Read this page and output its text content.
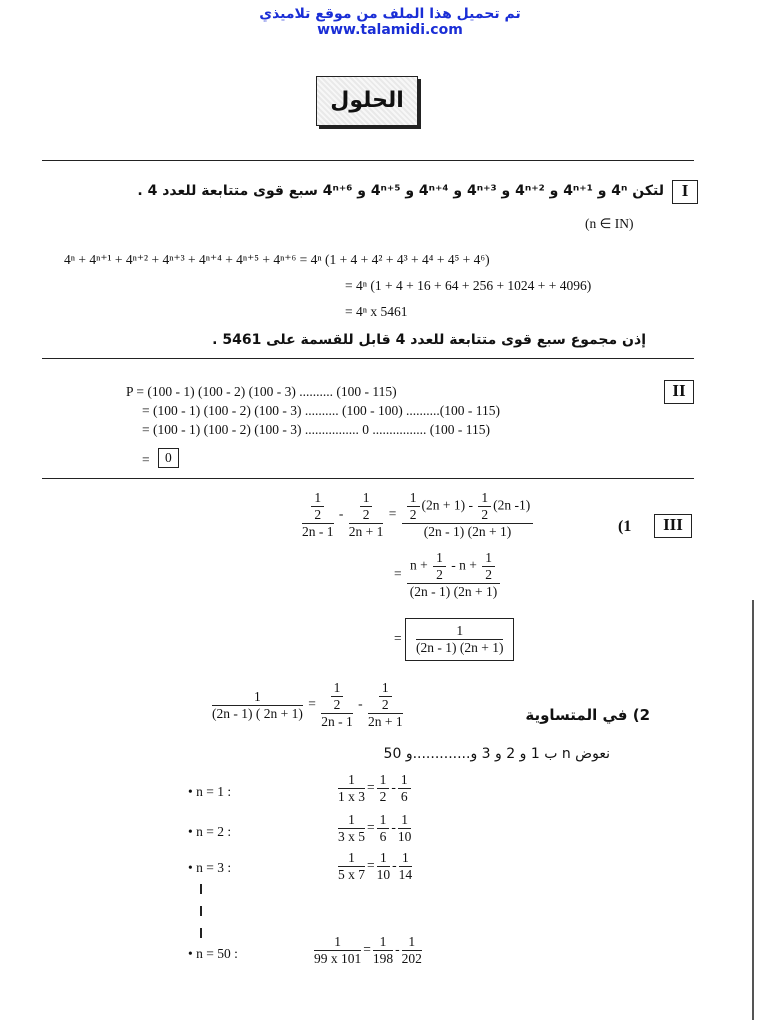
تم تحميل هذا الملف من موقع تلاميذي www.talamidi.com
الحلول
I
لتكن 4ⁿ و 4ⁿ⁺¹ و 4ⁿ⁺² و 4ⁿ⁺³ و 4ⁿ⁺⁴ و 4ⁿ⁺⁵ و 4ⁿ⁺⁶ سبع قوى متتابعة للعدد 4 .
(n ∈ IN)
4ⁿ + 4ⁿ⁺¹ + 4ⁿ⁺² + 4ⁿ⁺³ + 4ⁿ⁺⁴ + 4ⁿ⁺⁵ + 4ⁿ⁺⁶ = 4ⁿ (1 + 4 + 4² + 4³ + 4⁴ + 4⁵ + 4⁶)
= 4ⁿ (1 + 4 + 16 + 64 + 256 + 1024 + + 4096)
= 4ⁿ x 5461
إذن مجموع سبع قوى متتابعة للعدد 4 قابل للقسمة على 5461 .
II
P = (100 - 1) (100 - 2) (100 - 3) .......... (100 - 115)
= (100 - 1) (100 - 2) (100 - 3) .......... (100 - 100) ..........(100 - 115)
= (100 - 1) (100 - 2) (100 - 3) ................ 0 ................ (100 - 115)
=	0
III
(1
$\frac{\frac{1}{2}}{2n - 1} - \frac{\frac{1}{2}}{2n + 1} = \frac{\frac{1}{2} (2n + 1) - \frac{1}{2} (2n -1)}{(2n - 1) (2n + 1)}$
= $\frac{n + \frac{1}{2} - n + \frac{1}{2}}{(2n - 1) (2n + 1)}$
= $\frac{1}{(2n - 1) (2n + 1)}$
2) في المتساوية
$\frac{1}{(2n - 1) ( 2n + 1)} = \frac{\frac{1}{2}}{2n - 1} - \frac{\frac{1}{2}}{2n + 1}$
نعوض n ب 1 و 2 و 3 و.............و 50
• n = 1 :	$\frac{1}{1 x 3} = \frac{1}{2} - \frac{1}{6}$
• n = 2 :	$\frac{1}{3 x 5} = \frac{1}{6} - \frac{1}{10}$
• n = 3 :	$\frac{1}{5 x 7} = \frac{1}{10} - \frac{1}{14}$
• n = 50 :	$\frac{1}{99 x 101} = \frac{1}{198} - \frac{1}{202}$
